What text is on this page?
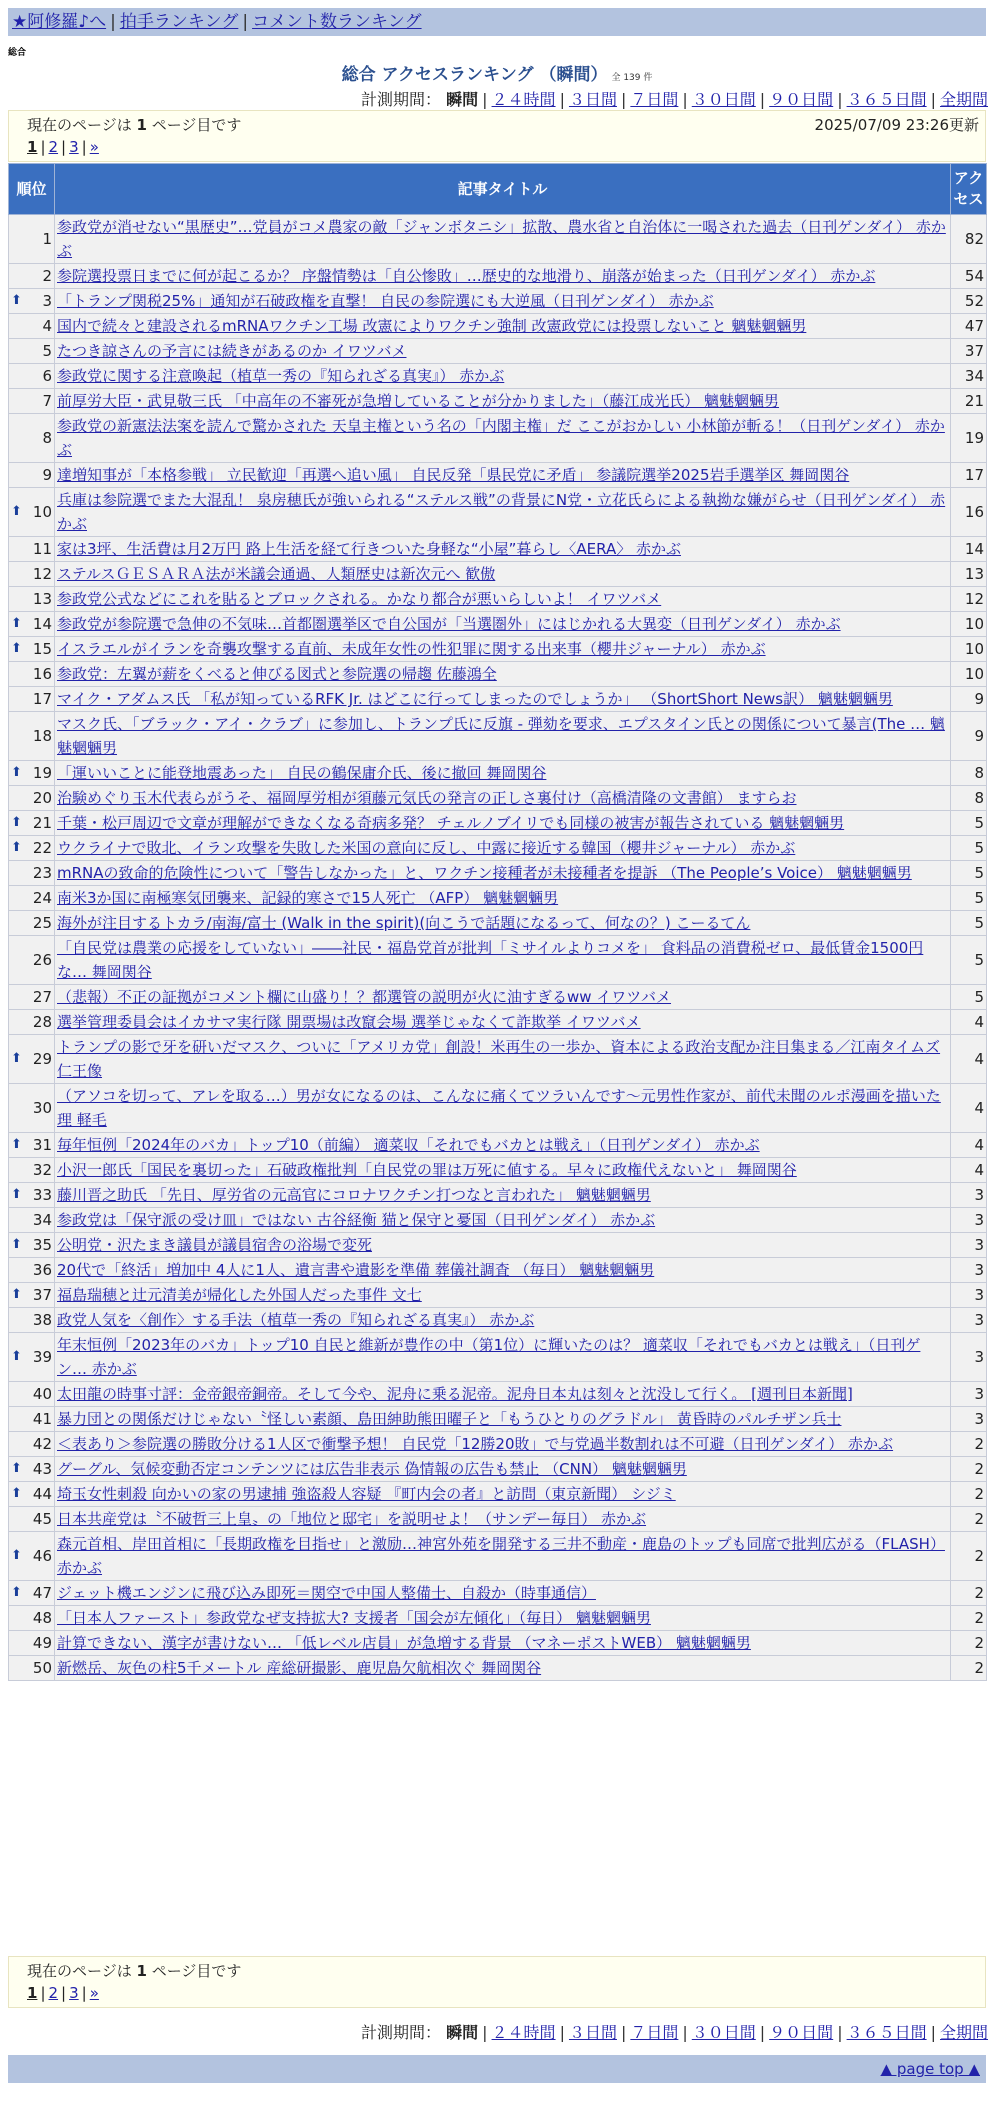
★阿修羅♪へ | 拍手ランキング | コメント数ランキング
総合
総合 アクセスランキング （瞬間） 全 139 件
計測期間： 瞬間 | ２４時間 | ３日間 | ７日間 | ３０日間 | ９０日間 | ３６５日間 | 全期間
現在のページは 1 ページ目です	2025/07/09 23:26更新
1 | 2 | 3 | »
順位	記事タイトル	アクセス
1	参政党が消せない“黒歴史”…党員がコメ農家の敵「ジャンボタニシ」拡散、農水省と自治体に一喝された過去（日刊ゲンダイ） 赤かぶ	82
2	参院選投票日までに何が起こるか？ 序盤情勢は「自公惨敗」…歴史的な地滑り、崩落が始まった（日刊ゲンダイ） 赤かぶ	54

⬆ 3	「トランプ関税25%」通知が石破政権を直撃！ 自民の参院選にも大逆風（日刊ゲンダイ） 赤かぶ	52
4	国内で続々と建設されるmRNAワクチン工場 改憲によりワクチン強制 改憲政党には投票しないこと 魑魅魍魎男	47
5	たつき諒さんの予言には続きがあるのか イワツバメ	37
6	参政党に関する注意喚起（植草一秀の『知られざる真実』） 赤かぶ	34
7	前厚労大臣・武見敬三氏 「中高年の不審死が急増していることが分かりました」（藤江成光氏） 魑魅魍魎男	21
8	参政党の新憲法法案を読んで驚かされた 天皇主権という名の「内閣主権」だ ここがおかしい 小林節が斬る！（日刊ゲンダイ） 赤かぶ	19
9	達増知事が「本格参戦」 立民歓迎「再選へ追い風」 自民反発「県民党に矛盾」 参議院選挙2025岩手選挙区 舞岡関谷	17

⬆ 10	兵庫は参院選でまた大混乱！ 泉房穂氏が強いられる“ステルス戦”の背景にN党・立花氏らによる執拗な嫌がらせ（日刊ゲンダイ） 赤かぶ	16
11	家は3坪、生活費は月2万円 路上生活を経て行きついた身軽な“小屋”暮らし〈AERA〉 赤かぶ	14
12	ステルスＧＥＳＡＲＡ法が米議会通過、人類歴史は新次元へ 歓傲	13
13	参政党公式などにこれを貼るとブロックされる。かなり都合が悪いらしいよ！ イワツバメ	12

⬆ 14	参政党が参院選で急伸の不気味…首都圏選挙区で自公国が「当選圏外」にはじかれる大異変（日刊ゲンダイ） 赤かぶ	10

⬆ 15	イスラエルがイランを奇襲攻撃する直前、未成年女性の性犯罪に関する出来事（櫻井ジャーナル） 赤かぶ	10
16	参政党：左翼が薪をくべると伸びる図式と参院選の帰趨 佐藤鴻全	10
17	マイク・アダムス氏 「私が知っているRFK Jr. はどこに行ってしまったのでしょうか」 （ShortShort News訳） 魑魅魍魎男	9
18	マスク氏、「ブラック・アイ・クラブ」に参加し、トランプ氏に反旗 - 弾劾を要求、エプスタイン氏との関係について暴言(The … 魑魅魍魎男	9

⬆ 19	「運いいことに能登地震あった」 自民の鶴保庸介氏、後に撤回 舞岡関谷	8
20	治験めぐり玉木代表らがうそ、福岡厚労相が須藤元気氏の発言の正しさ裏付け（高橋清隆の文書館） ますらお	8

⬆ 21	千葉・松戸周辺で文章が理解ができなくなる奇病多発？ チェルノブイリでも同様の被害が報告されている 魑魅魍魎男	5

⬆ 22	ウクライナで敗北、イラン攻撃を失敗した米国の意向に反し、中露に接近する韓国（櫻井ジャーナル） 赤かぶ	5
23	mRNAの致命的危険性について「警告しなかった」と、ワクチン接種者が未接種者を提訴 （The People’s Voice） 魑魅魍魎男	5
24	南米3か国に南極寒気団襲来、記録的寒さで15人死亡 （AFP） 魑魅魍魎男	5
25	海外が注目するトカラ/南海/富士 (Walk in the spirit)(向こうで話題になるって、何なの？) こーるてん	5
26	「自民党は農業の応援をしていない」――社民・福島党首が批判「ミサイルよりコメを」 食料品の消費税ゼロ、最低賃金1500円な… 舞岡関谷	5
27	（悲報）不正の証拠がコメント欄に山盛り！？都選管の説明が火に油すぎるww イワツバメ	5
28	選挙管理委員会はイカサマ実行隊 開票場は改竄会場 選挙じゃなくて詐欺挙 イワツバメ	4

⬆ 29	トランプの影で牙を研いだマスク、ついに「アメリカ党」創設！米再生の一歩か、資本による政治支配か注目集まる／江南タイムズ 仁王像	4
30	（アソコを切って、アレを取る…）男が女になるのは、こんなに痛くてツラいんです～元男性作家が、前代未聞のルポ漫画を描いた理 軽毛	4

⬆ 31	毎年恒例「2024年のバカ」トップ10（前編） 適菜収「それでもバカとは戦え」（日刊ゲンダイ） 赤かぶ	4
32	小沢一郎氏「国民を裏切った」石破政権批判「自民党の罪は万死に値する。早々に政権代えないと」 舞岡関谷	4

⬆ 33	藤川晋之助氏 「先日、厚労省の元高官にコロナワクチン打つなと言われた」 魑魅魍魎男	3
34	参政党は「保守派の受け皿」ではない 古谷経衡 猫と保守と憂国（日刊ゲンダイ） 赤かぶ	3

⬆ 35	公明党・沢たまき議員が議員宿舎の浴場で変死	3
36	20代で「終活」増加中 4人に1人、遺言書や遺影を準備 葬儀社調査 （毎日） 魑魅魍魎男	3

⬆ 37	福島瑞穂と辻元清美が帰化した外国人だった事件 文七	3
38	政党人気を〈創作〉する手法（植草一秀の『知られざる真実』） 赤かぶ	3

⬆ 39	年末恒例「2023年のバカ」トップ10 自民と維新が豊作の中（第1位）に輝いたのは？ 適菜収「それでもバカとは戦え」（日刊ゲン… 赤かぶ	3
40	太田龍の時事寸評：金帝銀帝銅帝。そして今や、泥舟に乗る泥帝。泥舟日本丸は刻々と沈没して行く。 [週刊日本新聞]	3
41	暴力団との関係だけじゃない〝怪しい素顔、島田紳助熊田曜子と「もうひとりのグラドル」 黄昏時のパルチザン兵士	3
42	＜表あり＞参院選の勝敗分ける1人区で衝撃予想！ 自民党「12勝20敗」で与党過半数割れは不可避（日刊ゲンダイ） 赤かぶ	2

⬆ 43	グーグル、気候変動否定コンテンツには広告非表示 偽情報の広告も禁止 （CNN） 魑魅魍魎男	2

⬆ 44	埼玉女性刺殺 向かいの家の男逮捕 強盗殺人容疑 『町内会の者』と訪問（東京新聞） シジミ	2
45	日本共産党は〝不破哲三上皇〟の「地位と邸宅」を説明せよ！（サンデー毎日） 赤かぶ	2

⬆ 46	森元首相、岸田首相に「長期政権を目指せ」と激励…神宮外苑を開発する三井不動産・鹿島のトップも同席で批判広がる（FLASH） 赤かぶ	2

⬆ 47	ジェット機エンジンに飛び込み即死＝関空で中国人整備士、自殺か（時事通信）	2
48	「日本人ファースト」参政党なぜ支持拡大? 支援者「国会が左傾化」（毎日） 魑魅魍魎男	2
49	計算できない、漢字が書けない… 「低レベル店員」が急増する背景 （マネーポストWEB） 魑魅魍魎男	2
50	新燃岳、灰色の柱5千メートル 産総研撮影、鹿児島欠航相次ぐ 舞岡関谷	2
現在のページは 1 ページ目です
1 | 2 | 3 | »
計測期間： 瞬間 | ２４時間 | ３日間 | ７日間 | ３０日間 | ９０日間 | ３６５日間 | 全期間
▲ page top ▲
